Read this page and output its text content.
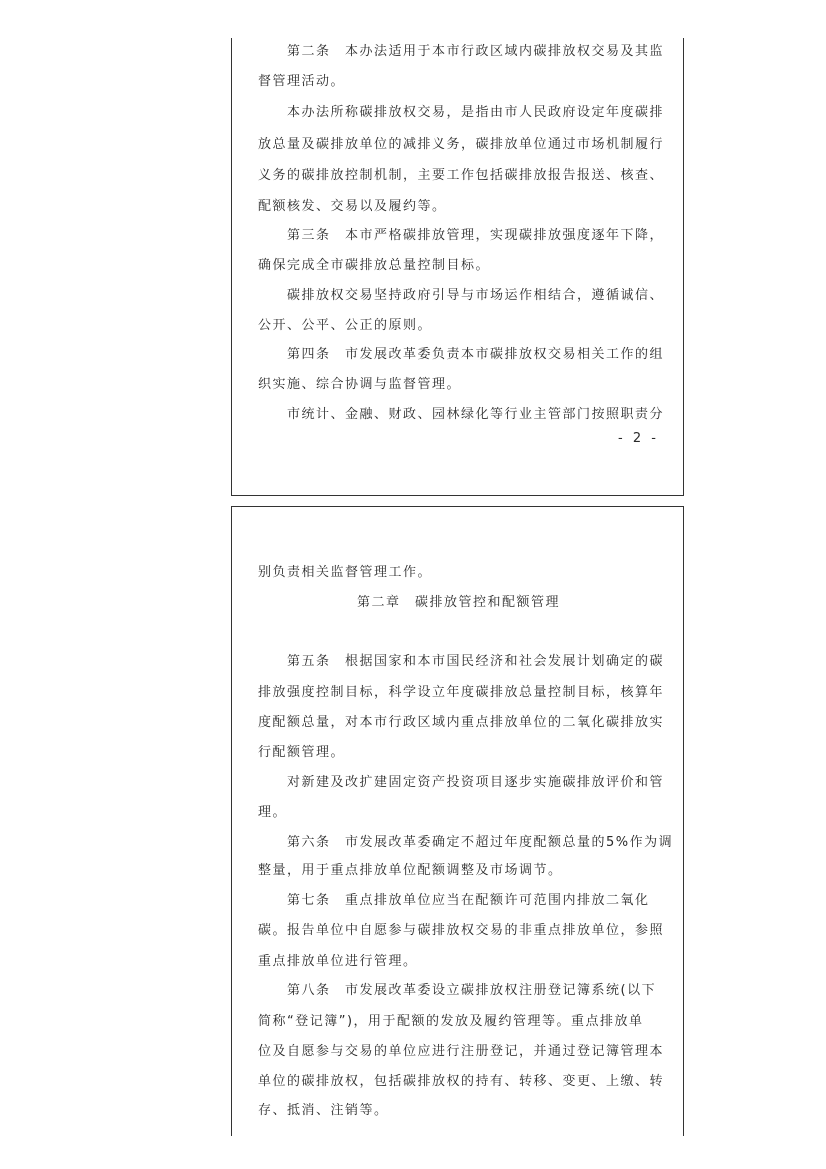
第二条　本办法适用于本市行政区域内碳排放权交易及其监
督管理活动。
本办法所称碳排放权交易，是指由市人民政府设定年度碳排
放总量及碳排放单位的减排义务，碳排放单位通过市场机制履行
义务的碳排放控制机制，主要工作包括碳排放报告报送、核查、
配额核发、交易以及履约等。
第三条　本市严格碳排放管理，实现碳排放强度逐年下降，
确保完成全市碳排放总量控制目标。
碳排放权交易坚持政府引导与市场运作相结合，遵循诚信、
公开、公平、公正的原则。
第四条　市发展改革委负责本市碳排放权交易相关工作的组
织实施、综合协调与监督管理。
市统计、金融、财政、园林绿化等行业主管部门按照职责分
- 2 -
别负责相关监督管理工作。
第二章　碳排放管控和配额管理
第五条　根据国家和本市国民经济和社会发展计划确定的碳
排放强度控制目标，科学设立年度碳排放总量控制目标，核算年
度配额总量，对本市行政区域内重点排放单位的二氧化碳排放实
行配额管理。
对新建及改扩建固定资产投资项目逐步实施碳排放评价和管
理。
第六条　市发展改革委确定不超过年度配额总量的5%作为调
整量，用于重点排放单位配额调整及市场调节。
第七条　重点排放单位应当在配额许可范围内排放二氧化
碳。报告单位中自愿参与碳排放权交易的非重点排放单位，参照
重点排放单位进行管理。
第八条　市发展改革委设立碳排放权注册登记簿系统(以下
简称“登记簿”)，用于配额的发放及履约管理等。重点排放单
位及自愿参与交易的单位应进行注册登记，并通过登记簿管理本
单位的碳排放权，包括碳排放权的持有、转移、变更、上缴、转
存、抵消、注销等。
